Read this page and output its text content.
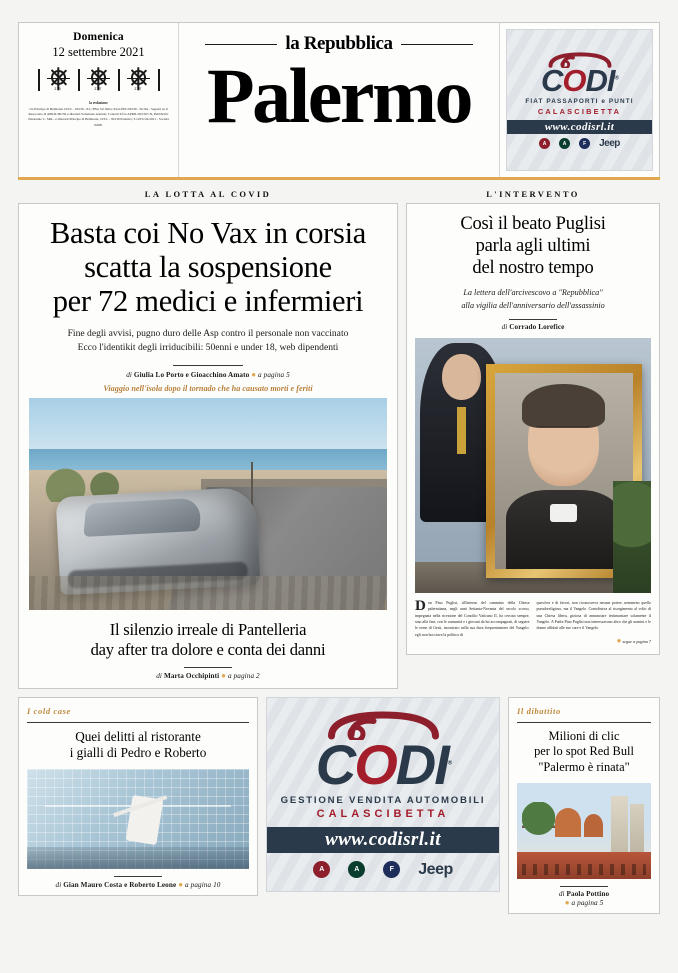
Domenica
12 settembre 2021
26	28	28
la redazione
via Principe di Belmonte 103/C - 90139 - P.I.; BSG Srl Italia; P.zza PPC/90139 - Sicilia - Seguici su il Resoconto di APRIL/90139 e-liberarli Soluzione azienda; Contatti il fax APRIL/90139 CN, Pubblicità: Nazionale C, SPA - e-liberarli Principe di Belmonte, 103/C - 90139 Palermo; T.ci/6%/24/2021 - Società 92081
la Repubblica
Palermo	CODI®
FIAT PASSAPORTI e PUNTI
CALASCIBETTA
www.codisrl.it
A	A	F	Jeep
LA LOTTA AL COVID
Basta coi No Vax in corsia
scatta la sospensione
per 72 medici e infermieri
Fine degli avvisi, pugno duro delle Asp contro il personale non vaccinato
Ecco l'identikit degli irriducibili: 50enni e under 18, web dipendenti
di Giulia Lo Porto e Gioacchino Amato ● a pagina 5
Viaggio nell'isola dopo il tornado che ha causato morti e feriti
Il silenzio irreale di Pantelleria
day after tra dolore e conta dei danni
di Marta Occhipinti ● a pagina 2
L'INTERVENTO
Così il beato Puglisi
parla agli ultimi
del nostro tempo
La lettera dell'arcivescovo a "Repubblica"
alla vigilia dell'anniversario dell'assassinio
di Corrado Lorefice
Don Pino Puglisi, all'interno del cammino della Chiesa palermitana, negli anni Settanta-Novanta del secolo scorso, impegnata nella ricezione del Concilio Vaticano II, ha cercato sempre, sino alla fine, con le comunità e i giovani da lui accompagnati, di seguire le orme di Gesù, incontrato nella sua dura frequentazione del Vangelo: egli non bocciava la politica di
quest'era e di favori, non riconosceva nessun potere, nemmeno quello pseudoreligioso, ma il Vangelo. Contribuiva al risorgimento al volto di una Chiesa libera, gioiosa di annunciare testimoniare solamente il Vangelo. A Padre Pino Puglisi non interessavano altro che gli uomini e le donne affidati alle sue cure e il Vangelo.
● segue a pagina 7
I cold case
Quei delitti al ristorante
i gialli di Pedro e Roberto
di Gian Mauro Costa e Roberto Leone ● a pagina 10
CODI®
GESTIONE VENDITA AUTOMOBILI
CALASCIBETTA
www.codisrl.it
A	A	F	Jeep
Il dibattito
Milioni di clic
per lo spot Red Bull
"Palermo è rinata"
di Paola Pottino
● a pagina 5
